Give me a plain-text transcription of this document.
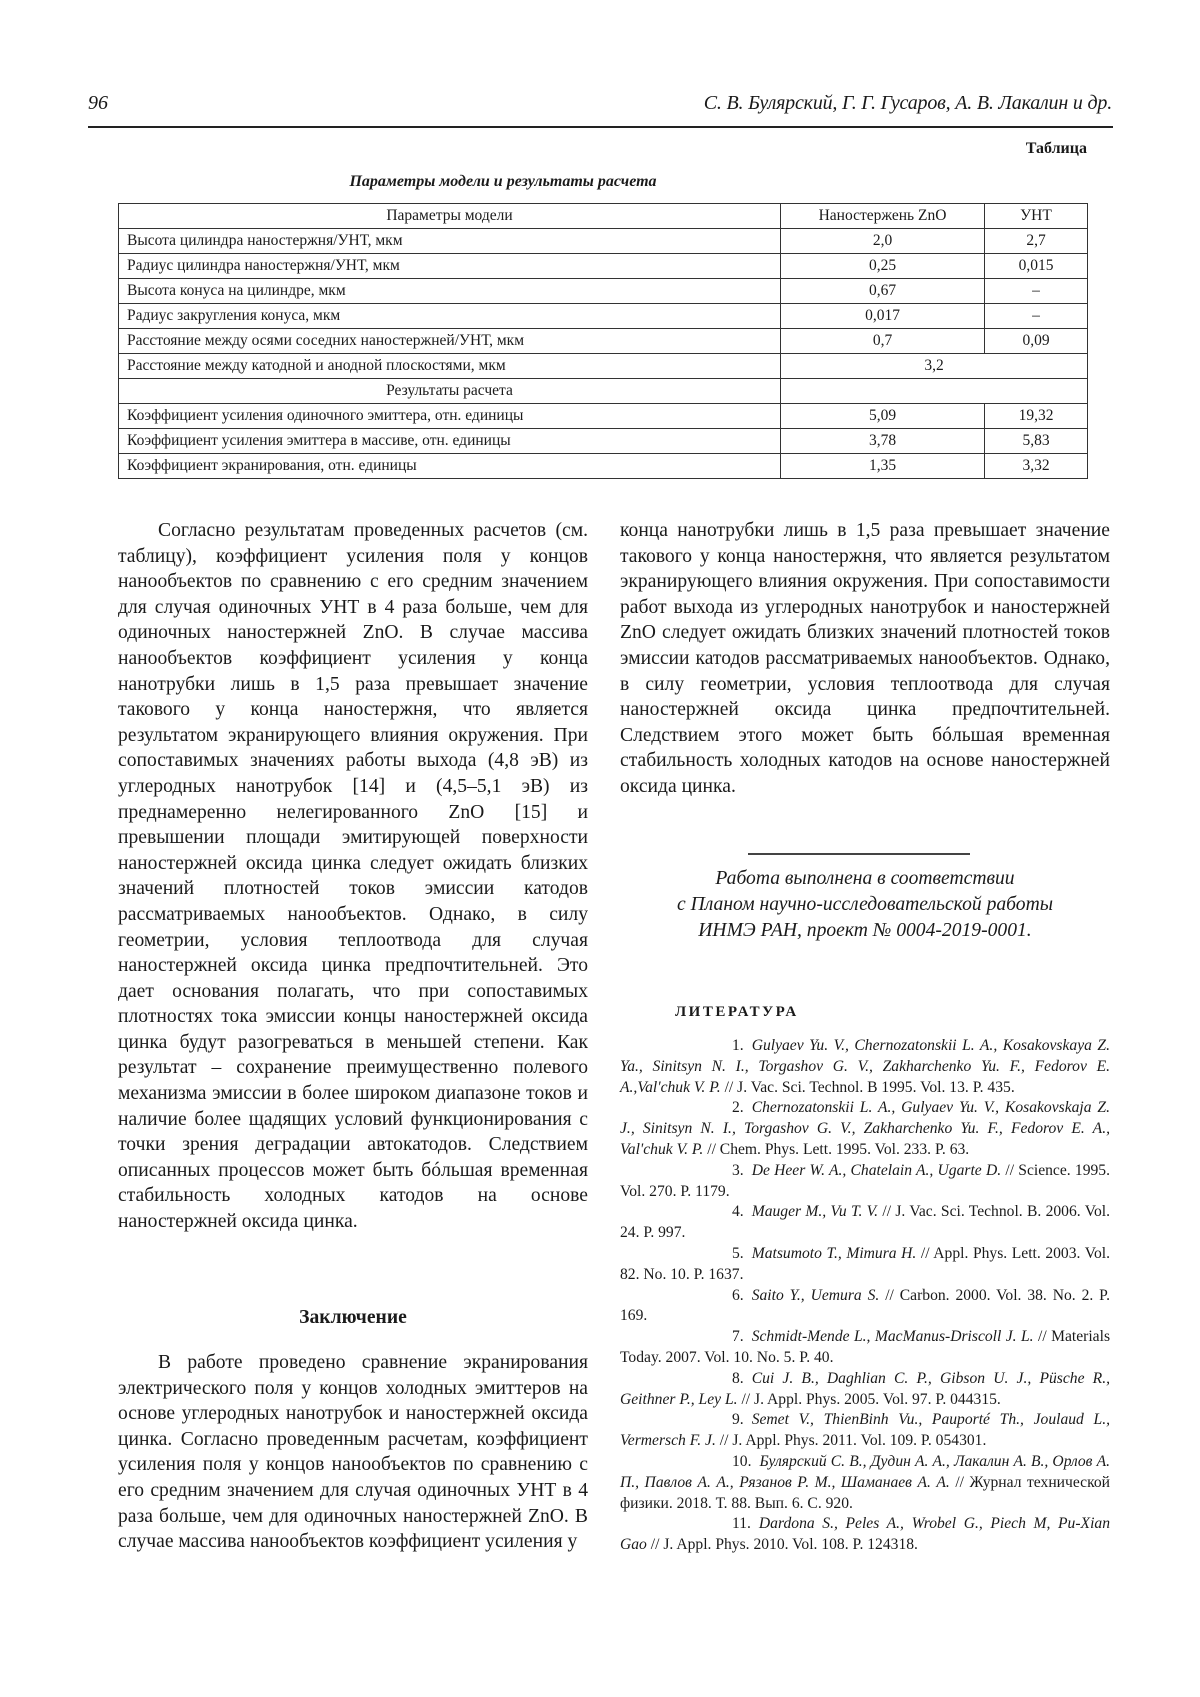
96	С. В. Булярский, Г. Г. Гусаров, А. В. Лакалин и др.
Таблица
Параметры модели и результаты расчета
Параметры модели	Наностержень ZnO	УНТ
Высота цилиндра наностержня/УНТ, мкм	2,0	2,7
Радиус цилиндра наностержня/УНТ, мкм	0,25	0,015
Высота конуса на цилиндре, мкм	0,67	–
Радиус закругления конуса, мкм	0,017	–
Расстояние между осями соседних наностержней/УНТ, мкм	0,7	0,09
Расстояние между катодной и анодной плоскостями, мкм	3,2	
Результаты расчета		
Коэффициент усиления одиночного эмиттера, отн. единицы	5,09	19,32
Коэффициент усиления эмиттера в массиве, отн. единицы	3,78	5,83
Коэффициент экранирования, отн. единицы	1,35	3,32

Согласно результатам проведенных расчетов (см. таблицу), коэффициент усиления поля у концов нанообъектов по сравнению с его средним значением для случая одиночных УНТ в 4 раза больше, чем для одиночных наностержней ZnO. В случае массива нанообъектов коэффициент усиления у конца нанотрубки лишь в 1,5 раза превышает значение такового у конца наностержня, что является результатом экранирующего влияния окружения. При сопоставимых значениях работы выхода (4,8 эВ) из углеродных нанотрубок [14] и (4,5–5,1 эВ) из преднамеренно нелегированного ZnO [15] и превышении площади эмитирующей поверхности наностержней оксида цинка следует ожидать близких значений плотностей токов эмиссии катодов рассматриваемых нанообъектов. Однако, в силу геометрии, условия теплоотвода для случая наностержней оксида цинка предпочтительней. Это дает основания полагать, что при сопоставимых плотностях тока эмиссии концы наностержней оксида цинка будут разогреваться в меньшей степени. Как результат – сохранение преимущественно полевого механизма эмиссии в более широком диапазоне токов и наличие более щадящих условий функционирования с точки зрения деградации автокатодов. Следствием описанных процессов может быть бóльшая временная стабильность холодных катодов на основе наностержней оксида цинка.

Заключение

В работе проведено сравнение экранирования электрического поля у концов холодных эмиттеров на основе углеродных нанотрубок и наностержней оксида цинка. Согласно проведенным расчетам, коэффициент усиления поля у концов нанообъектов по сравнению с его средним значением для случая одиночных УНТ в 4 раза больше, чем для одиночных наностержней ZnO. В случае массива нанообъектов коэффициент усиления у

конца нанотрубки лишь в 1,5 раза превышает значение такового у конца наностержня, что является результатом экранирующего влияния окружения. При сопоставимости работ выхода из углеродных нанотрубок и наностержней ZnO следует ожидать близких значений плотностей токов эмиссии катодов рассматриваемых нанообъектов. Однако, в силу геометрии, условия теплоотвода для случая наностержней оксида цинка предпочтительней. Следствием этого может быть бóльшая временная стабильность холодных катодов на основе наностержней оксида цинка.

Работа выполнена в соответствии
с Планом научно-исследовательской работы
ИНМЭ РАН, проект № 0004-2019-0001.
ЛИТЕРАТУРА

1. Gulyaev Yu. V., Chernozatonskii L. A., Kosakovskaya Z. Ya., Sinitsyn N. I., Torgashov G. V., Zakharchenko Yu. F., Fedorov E. A.,Val'chuk V. P. // J. Vac. Sci. Technol. B 1995. Vol. 13. P. 435.

2. Chernozatonskii L. A., Gulyaev Yu. V., Kosakovskaja Z. J., Sinitsyn N. I., Torgashov G. V., Zakharchenko Yu. F., Fedorov E. A., Val'chuk V. P. // Chem. Phys. Lett. 1995. Vol. 233. P. 63.

3. De Heer W. A., Chatelain A., Ugarte D. // Science. 1995. Vol. 270. P. 1179.

4. Mauger M., Vu T. V. // J. Vac. Sci. Technol. B. 2006. Vol. 24. P. 997.

5. Matsumoto T., Mimura H. // Appl. Phys. Lett. 2003. Vol. 82. No. 10. P. 1637.

6. Saito Y., Uemura S. // Carbon. 2000. Vol. 38. No. 2. P. 169.

7. Schmidt-Mende L., MacManus-Driscoll J. L. // Materials Today. 2007. Vol. 10. No. 5. P. 40.

8. Cui J. B., Daghlian C. P., Gibson U. J., Püsche R., Geithner P., Ley L. // J. Appl. Phys. 2005. Vol. 97. P. 044315.

9. Semet V., ThienBinh Vu., Pauporté Th., Joulaud L., Vermersch F. J. // J. Appl. Phys. 2011. Vol. 109. P. 054301.

10. Булярский С. В., Дудин А. А., Лакалин А. В., Орлов А. П., Павлов А. А., Рязанов Р. М., Шаманаев А. А. // Журнал технической физики. 2018. Т. 88. Вып. 6. С. 920.

11. Dardona S., Peles A., Wrobel G., Piech M, Pu-Xian Gao // J. Appl. Phys. 2010. Vol. 108. P. 124318.
